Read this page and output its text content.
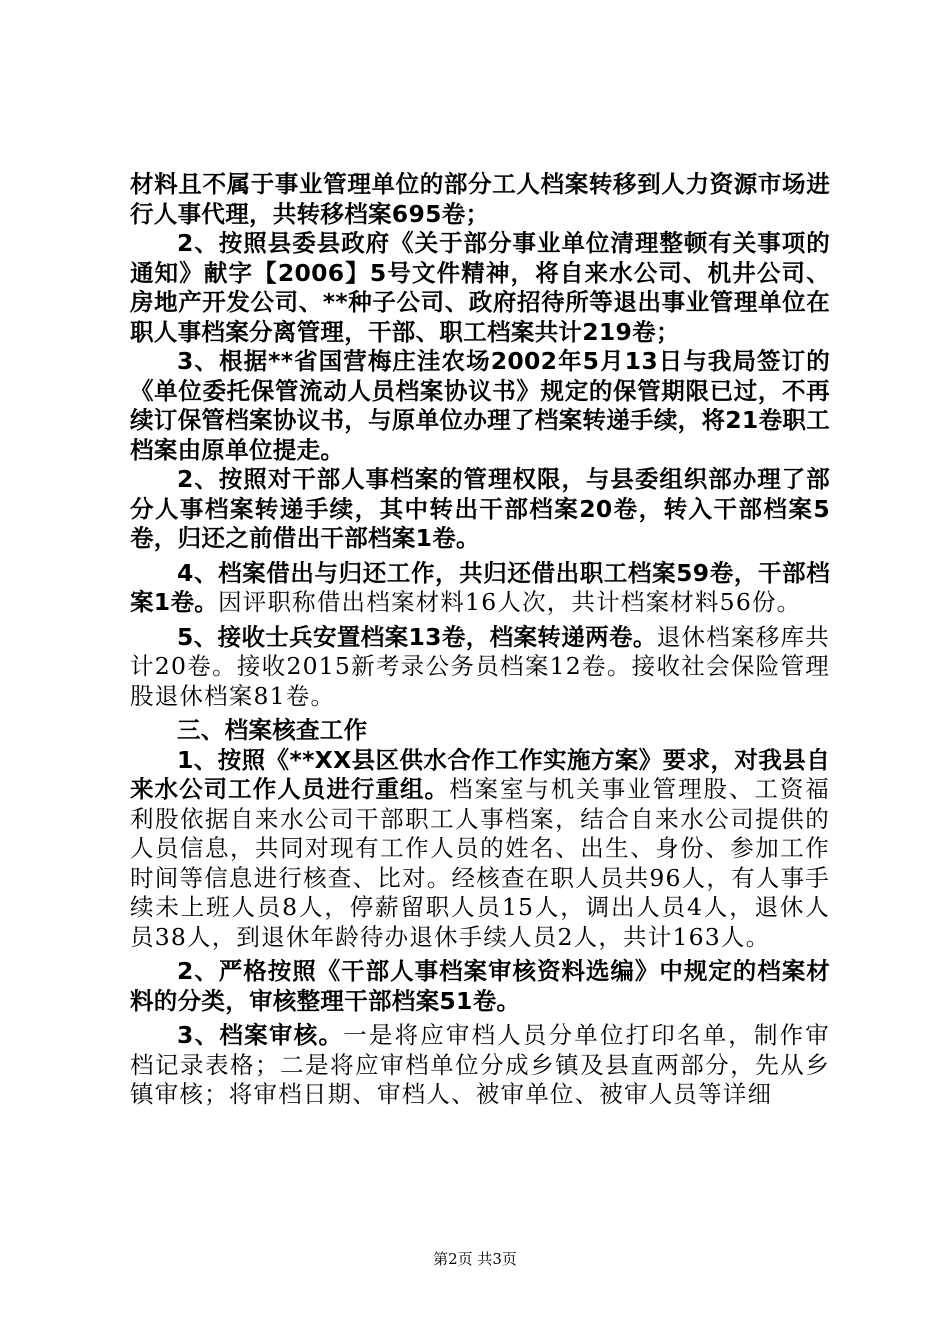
材料且不属于事业管理单位的部分工人档案转移到人力资源市场进行人事代理，共转移档案695卷；

2、按照县委县政府《关于部分事业单位清理整顿有关事项的通知》献字【2006】5号文件精神，将自来水公司、机井公司、房地产开发公司、**种子公司、政府招待所等退出事业管理单位在职人事档案分离管理，干部、职工档案共计219卷；

3、根据**省国营梅庄洼农场2002年5月13日与我局签订的《单位委托保管流动人员档案协议书》规定的保管期限已过，不再续订保管档案协议书，与原单位办理了档案转递手续，将21卷职工档案由原单位提走。

2、按照对干部人事档案的管理权限，与县委组织部办理了部分人事档案转递手续，其中转出干部档案20卷，转入干部档案5卷，归还之前借出干部档案1卷。

4、档案借出与归还工作，共归还借出职工档案59卷，干部档案1卷。因评职称借出档案材料16人次，共计档案材料56份。

5、接收士兵安置档案13卷，档案转递两卷。退休档案移库共计20卷。接收2015新考录公务员档案12卷。接收社会保险管理股退休档案81卷。

三、档案核查工作

1、按照《**XX县区供水合作工作实施方案》要求，对我县自来水公司工作人员进行重组。档案室与机关事业管理股、工资福利股依据自来水公司干部职工人事档案，结合自来水公司提供的人员信息，共同对现有工作人员的姓名、出生、身份、参加工作时间等信息进行核查、比对。经核查在职人员共96人，有人事手续未上班人员8人，停薪留职人员15人，调出人员4人，退休人员38人，到退休年龄待办退休手续人员2人，共计163人。

2、严格按照《干部人事档案审核资料选编》中规定的档案材料的分类，审核整理干部档案51卷。

3、档案审核。一是将应审档人员分单位打印名单，制作审档记录表格；二是将应审档单位分成乡镇及县直两部分，先从乡镇审核；将审档日期、审档人、被审单位、被审人员等详细

第2页 共3页
